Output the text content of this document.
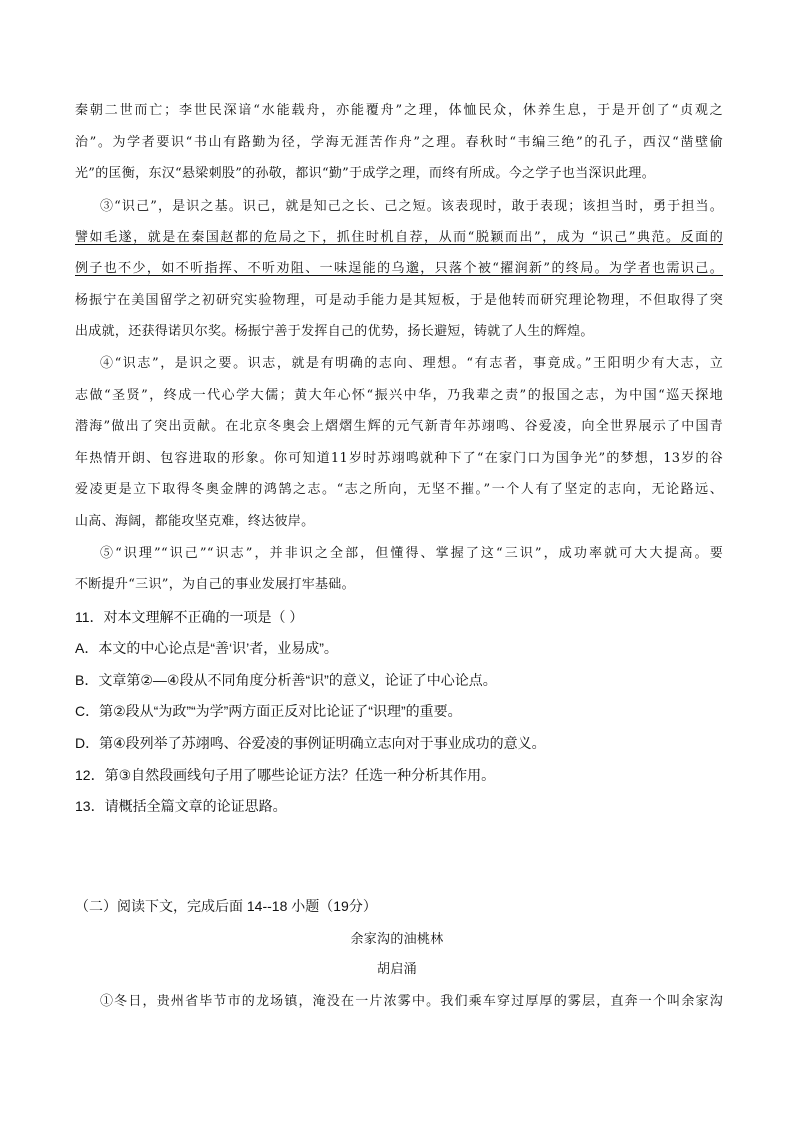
秦朝二世而亡；李世民深谙“水能载舟，亦能覆舟”之理，体恤民众，休养生息，于是开创了“贞观之
治”。为学者要识“书山有路勤为径，学海无涯苦作舟”之理。春秋时“韦编三绝”的孔子，西汉“凿壁偷
光”的匡衡，东汉“悬梁刺股”的孙敬，都识“勤”于成学之理，而终有所成。今之学子也当深识此理。
③“识己”，是识之基。识己，就是知己之长、己之短。该表现时，敢于表现；该担当时，勇于担当。
譬如毛遂，就是在秦国赵都的危局之下，抓住时机自荐，从而“脱颖而出”，成为 “识己”典范。反面的
例子也不少，如不听指挥、不听劝阻、一味逞能的乌邈，只落个被“擢润新”的终局。为学者也需识己。
杨振宁在美国留学之初研究实验物理，可是动手能力是其短板，于是他转而研究理论物理，不但取得了突
出成就，还获得诺贝尔奖。杨振宁善于发挥自己的优势，扬长避短，铸就了人生的辉煌。
④“识志”，是识之要。识志，就是有明确的志向、理想。“有志者，事竟成。”王阳明少有大志，立
志做“圣贤”，终成一代心学大儒；黄大年心怀“振兴中华，乃我辈之责”的报国之志，为中国“巡天探地
潜海”做出了突出贡献。在北京冬奥会上熠熠生辉的元气新青年苏翊鸣、谷爱凌，向全世界展示了中国青
年热情开朗、包容进取的形象。你可知道11岁时苏翊鸣就种下了“在家门口为国争光”的梦想，13岁的谷
爱凌更是立下取得冬奥金牌的鸿鹄之志。“志之所向，无坚不摧。”一个人有了坚定的志向，无论路远、
山高、海阔，都能攻坚克难，终达彼岸。
⑤“识理”“识己”“识志”，并非识之全部，但懂得、掌握了这“三识”，成功率就可大大提高。要
不断提升“三识”，为自己的事业发展打牢基础。
11．对本文理解不正确的一项是（ ）
A．本文的中心论点是“善‘识’者，业易成”。
B．文章第②—④段从不同角度分析善“识”的意义，论证了中心论点。
C．第②段从“为政”“为学”两方面正反对比论证了“识理”的重要。
D．第④段列举了苏翊鸣、谷爱凌的事例证明确立志向对于事业成功的意义。
12．第③自然段画线句子用了哪些论证方法？任选一种分析其作用。
13．请概括全篇文章的论证思路。
（二）阅读下文，完成后面 14--18 小题（19分）
余家沟的油桃林
胡启涌
①冬日，贵州省毕节市的龙场镇，淹没在一片浓雾中。我们乘车穿过厚厚的雾层，直奔一个叫余家沟
